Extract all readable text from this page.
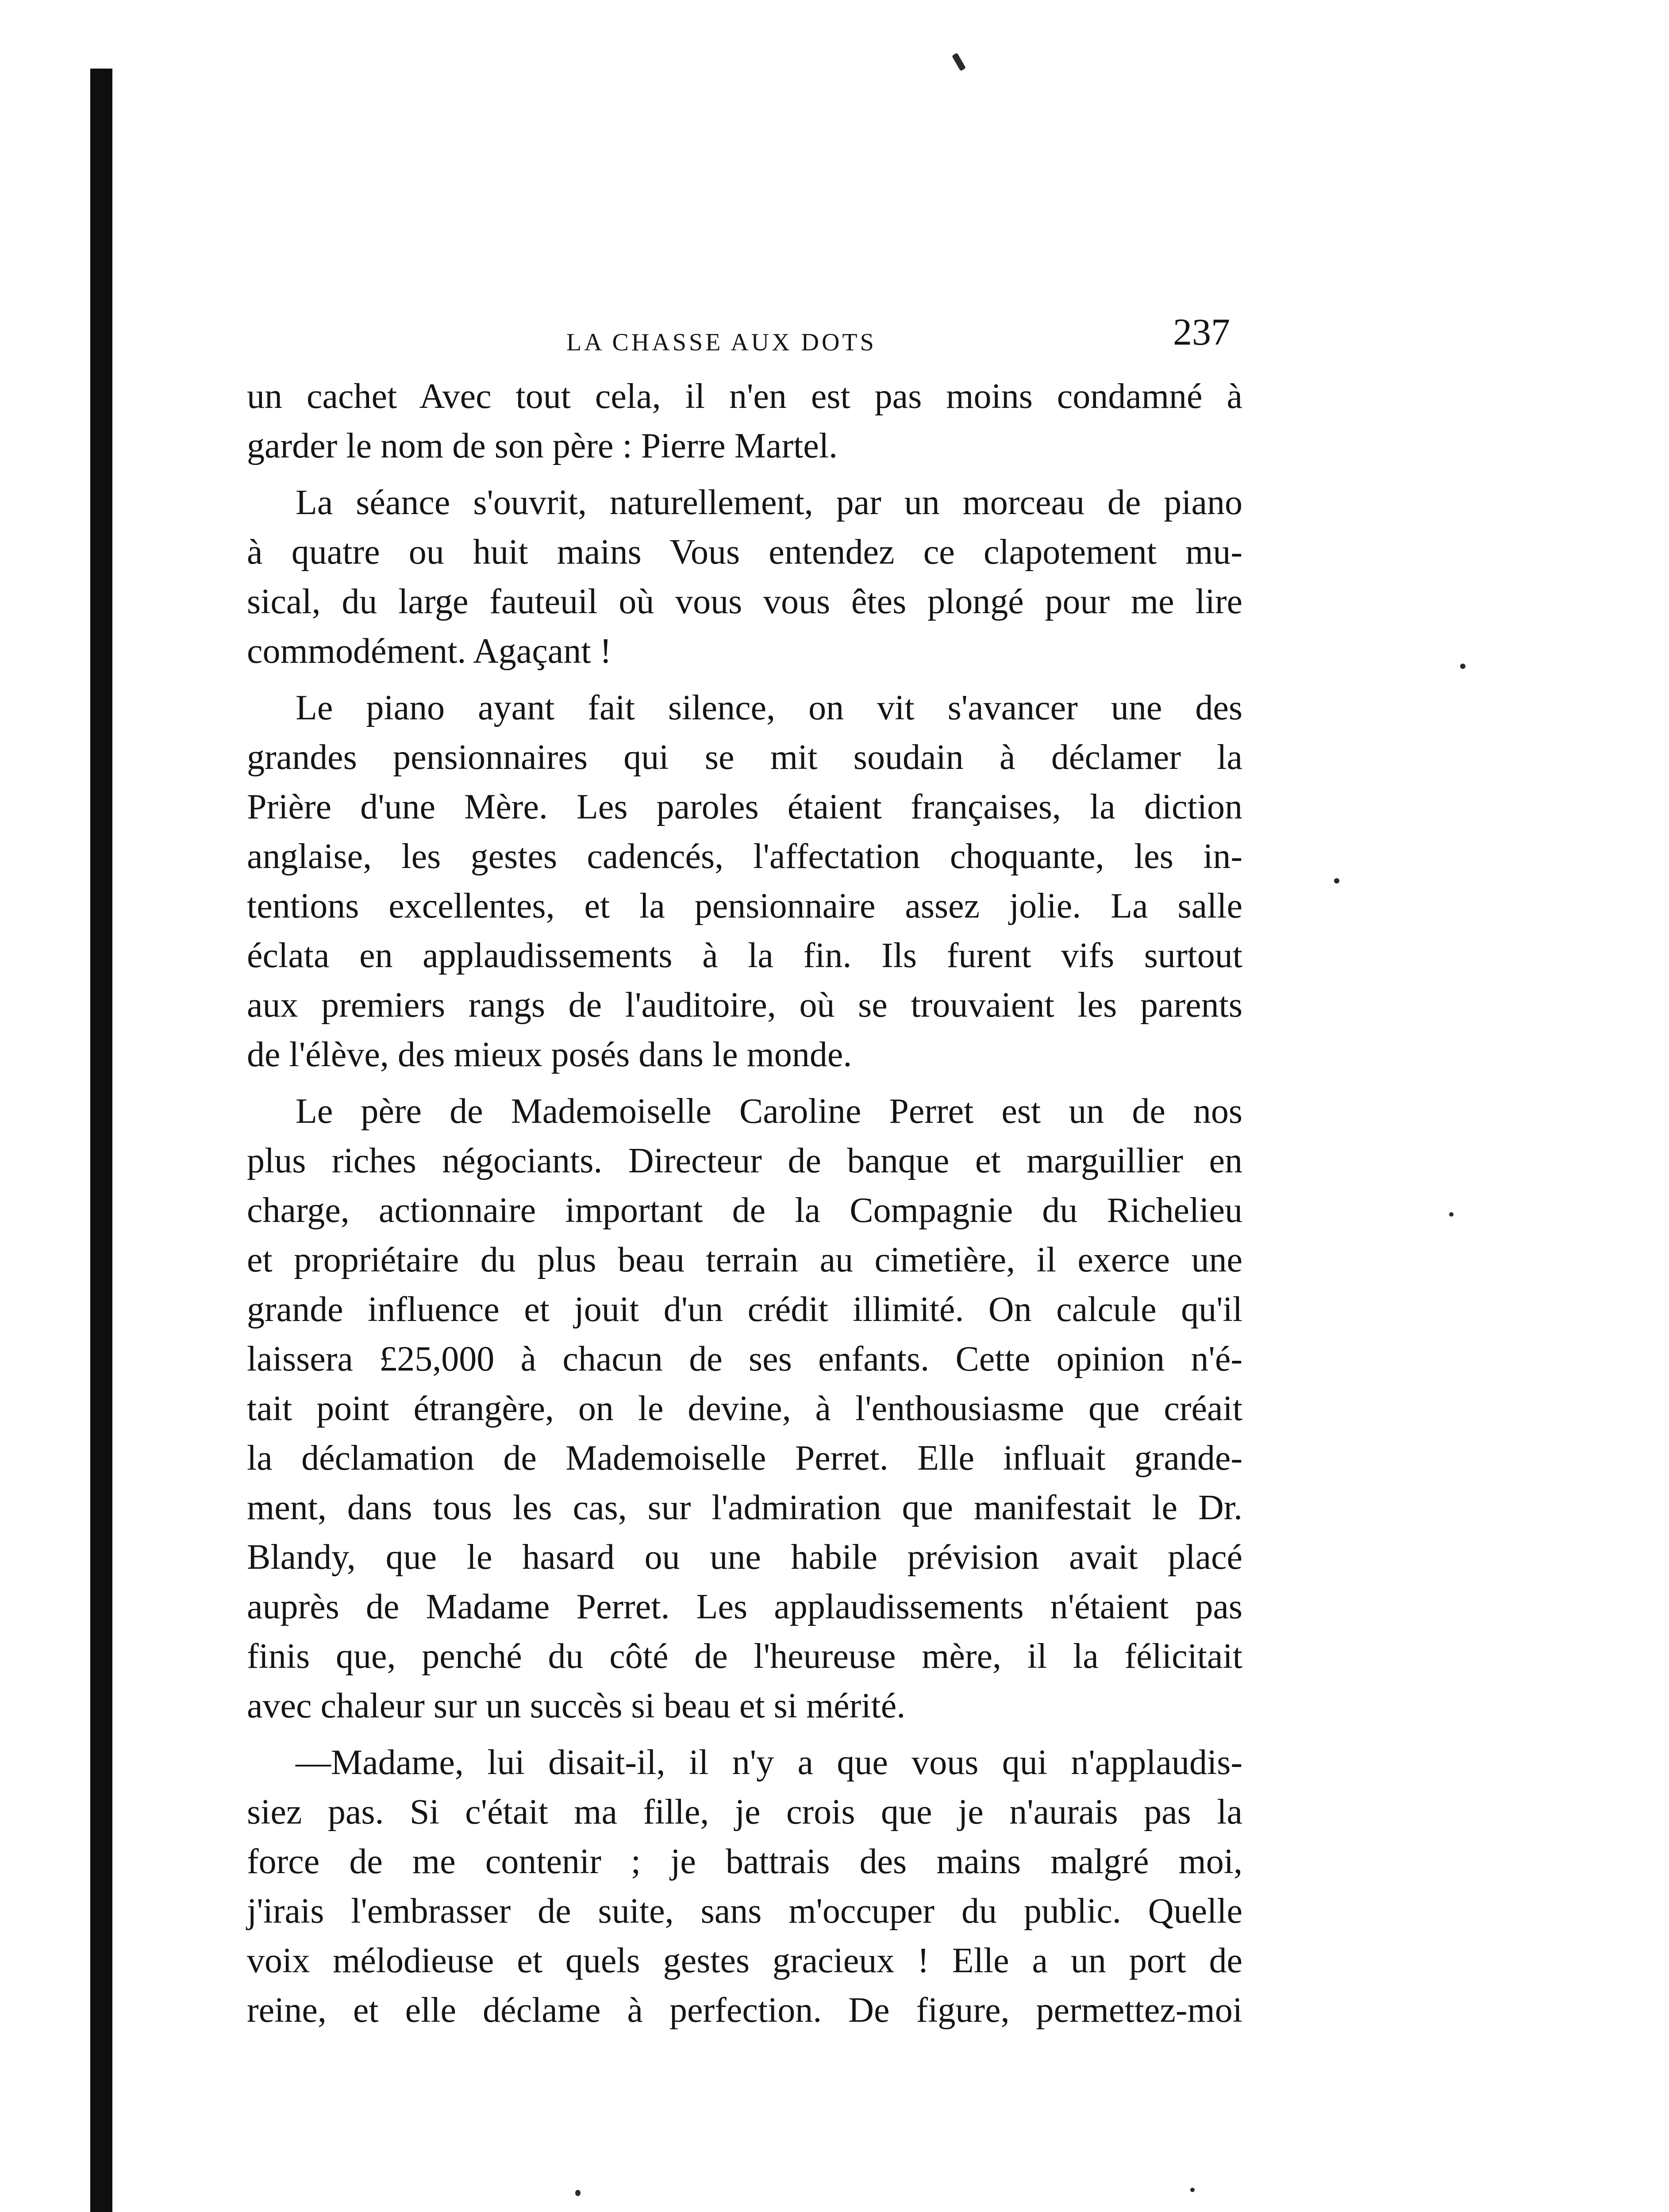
LA CHASSE AUX DOTS	237
un cachet Avec tout cela, il n'en est pas moins condamné à
garder le nom de son père : Pierre Martel.
La séance s'ouvrit, naturellement, par un morceau de piano
à quatre ou huit mains Vous entendez ce clapotement mu-
sical, du large fauteuil où vous vous êtes plongé pour me lire
commodément. Agaçant !
Le piano ayant fait silence, on vit s'avancer une des
grandes pensionnaires qui se mit soudain à déclamer la
Prière d'une Mère. Les paroles étaient françaises, la diction
anglaise, les gestes cadencés, l'affectation choquante, les in-
tentions excellentes, et la pensionnaire assez jolie. La salle
éclata en applaudissements à la fin. Ils furent vifs surtout
aux premiers rangs de l'auditoire, où se trouvaient les parents
de l'élève, des mieux posés dans le monde.
Le père de Mademoiselle Caroline Perret est un de nos
plus riches négociants. Directeur de banque et marguillier en
charge, actionnaire important de la Compagnie du Richelieu
et propriétaire du plus beau terrain au cimetière, il exerce une
grande influence et jouit d'un crédit illimité. On calcule qu'il
laissera £25,000 à chacun de ses enfants. Cette opinion n'é-
tait point étrangère, on le devine, à l'enthousiasme que créait
la déclamation de Mademoiselle Perret. Elle influait grande-
ment, dans tous les cas, sur l'admiration que manifestait le Dr.
Blandy, que le hasard ou une habile prévision avait placé
auprès de Madame Perret. Les applaudissements n'étaient pas
finis que, penché du côté de l'heureuse mère, il la félicitait
avec chaleur sur un succès si beau et si mérité.
—Madame, lui disait-il, il n'y a que vous qui n'applaudis-
siez pas. Si c'était ma fille, je crois que je n'aurais pas la
force de me contenir ; je battrais des mains malgré moi,
j'irais l'embrasser de suite, sans m'occuper du public. Quelle
voix mélodieuse et quels gestes gracieux ! Elle a un port de
reine, et elle déclame à perfection. De figure, permettez-moi
